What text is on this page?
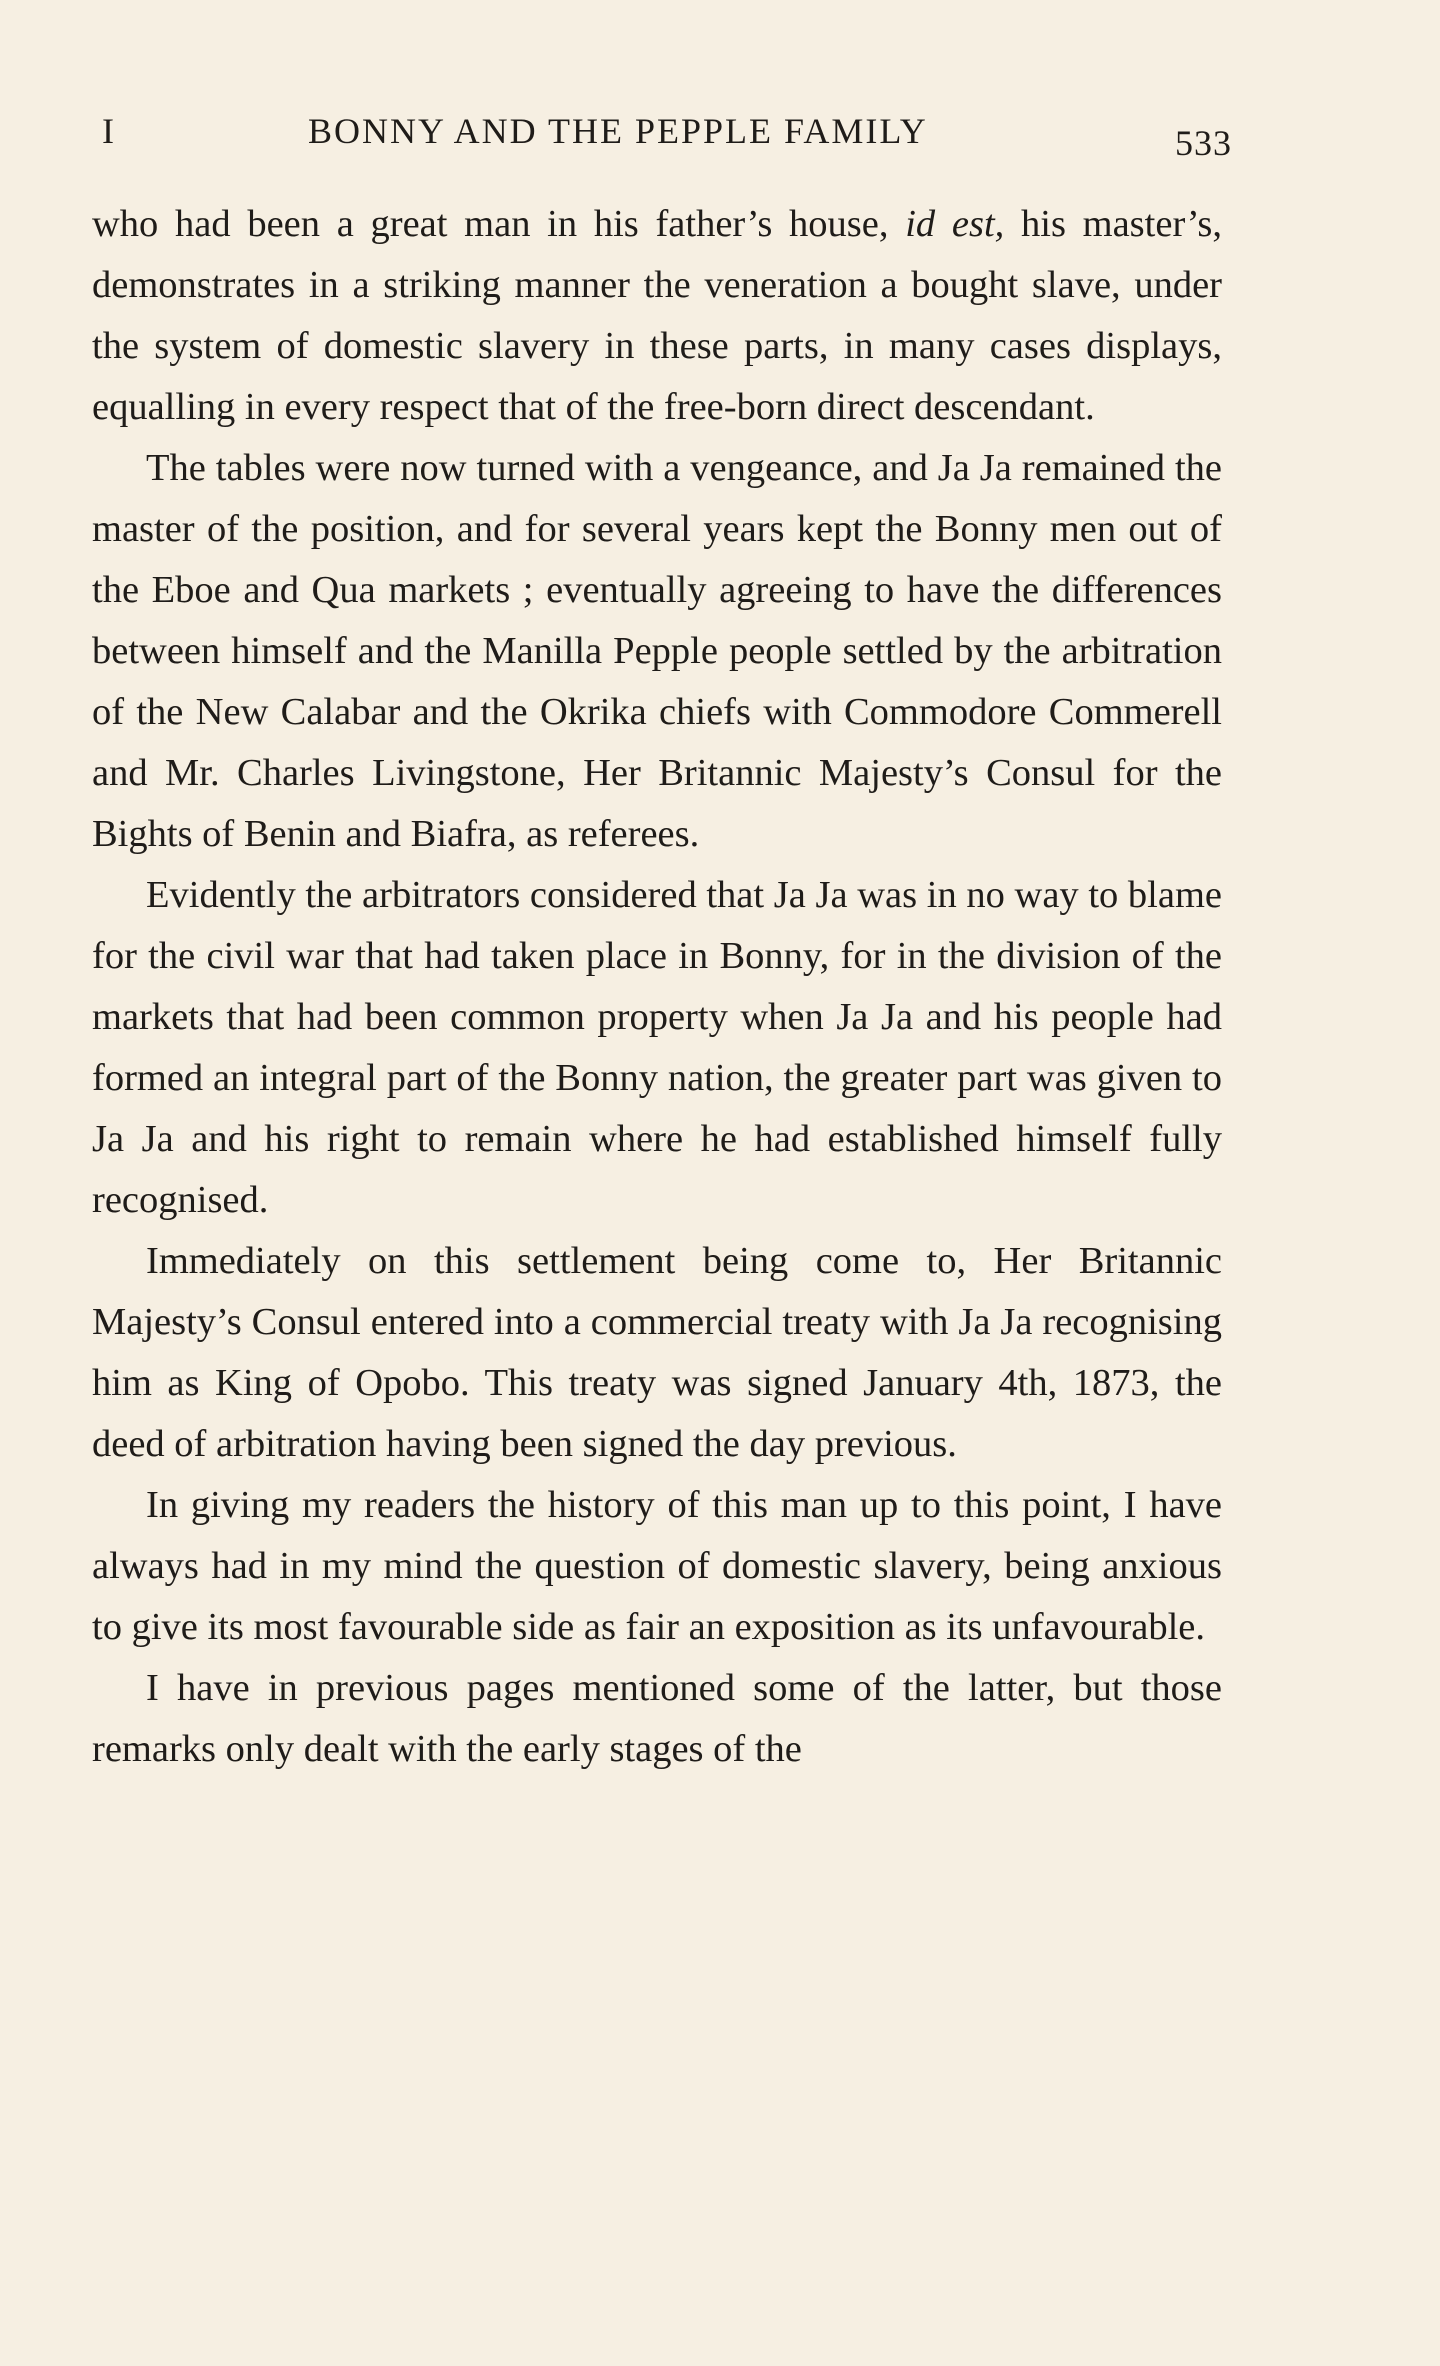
I	BONNY AND THE PEPPLE FAMILY	533

who had been a great man in his father’s house, id est, his master’s, demonstrates in a striking manner the veneration a bought slave, under the system of domestic slavery in these parts, in many cases displays, equalling in every respect that of the free-born direct descendant.

The tables were now turned with a vengeance, and Ja Ja remained the master of the position, and for several years kept the Bonny men out of the Eboe and Qua markets ; eventually agreeing to have the differences between himself and the Manilla Pepple people settled by the arbitration of the New Calabar and the Okrika chiefs with Commodore Commerell and Mr. Charles Livingstone, Her Britannic Majesty’s Consul for the Bights of Benin and Biafra, as referees.

Evidently the arbitrators considered that Ja Ja was in no way to blame for the civil war that had taken place in Bonny, for in the division of the markets that had been common property when Ja Ja and his people had formed an integral part of the Bonny nation, the greater part was given to Ja Ja and his right to remain where he had established himself fully recognised.

Immediately on this settlement being come to, Her Britannic Majesty’s Consul entered into a commercial treaty with Ja Ja recognising him as King of Opobo. This treaty was signed January 4th, 1873, the deed of arbitration having been signed the day previous.

In giving my readers the history of this man up to this point, I have always had in my mind the question of domestic slavery, being anxious to give its most favourable side as fair an exposition as its unfavourable.

I have in previous pages mentioned some of the latter, but those remarks only dealt with the early stages of the
